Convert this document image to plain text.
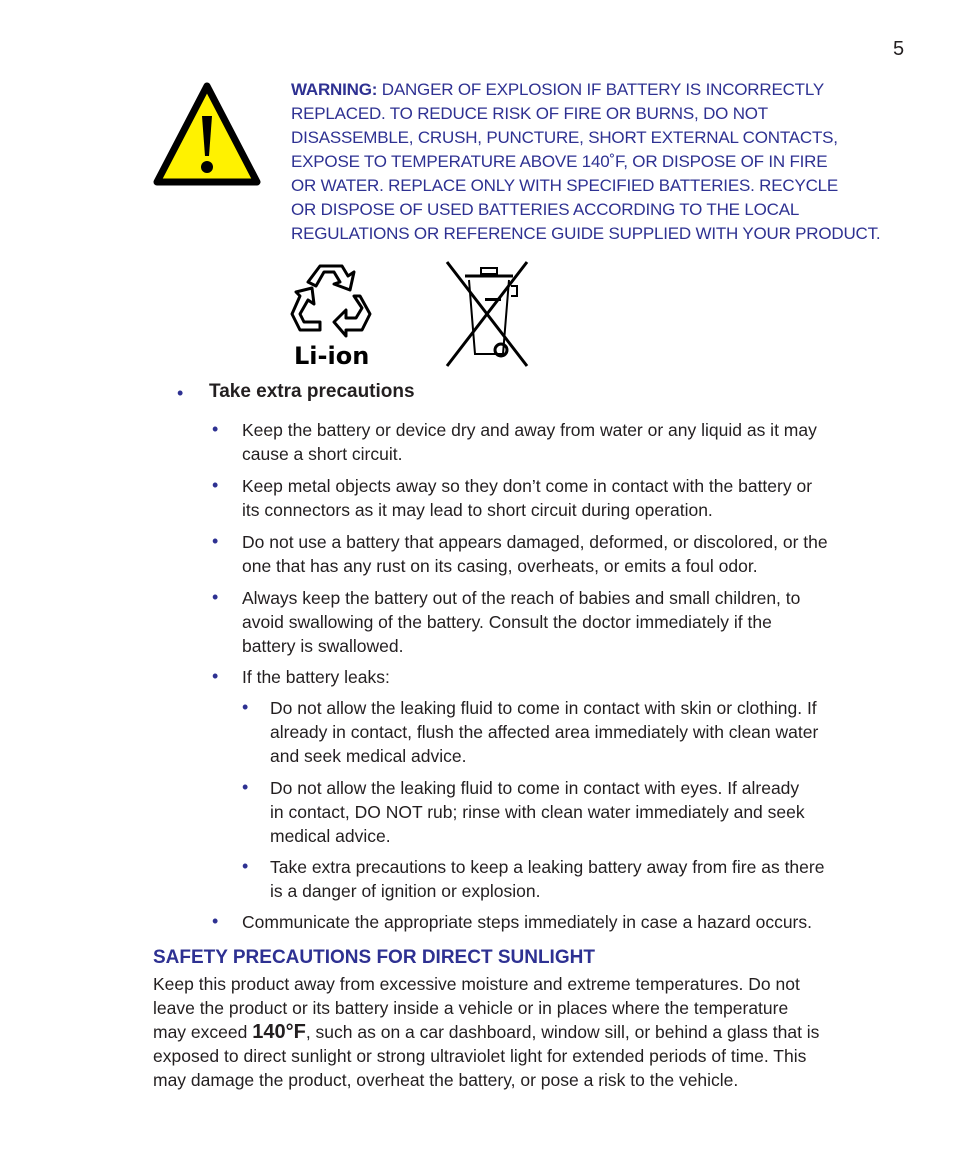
5
WARNING: DANGER OF EXPLOSION IF BATTERY IS INCORRECTLY
REPLACED. TO REDUCE RISK OF FIRE OR BURNS, DO NOT
DISASSEMBLE, CRUSH, PUNCTURE, SHORT EXTERNAL CONTACTS,
EXPOSE TO TEMPERATURE ABOVE 140˚F, OR DISPOSE OF IN FIRE
OR WATER. REPLACE ONLY WITH SPECIFIED BATTERIES. RECYCLE
OR DISPOSE OF USED BATTERIES ACCORDING TO THE LOCAL
REGULATIONS OR REFERENCE GUIDE SUPPLIED WITH YOUR PRODUCT.
Li-ion
• Take extra precautions
• Keep the battery or device dry and away from water or any liquid as it may
cause a short circuit.
• Keep metal objects away so they don’t come in contact with the battery or
its connectors as it may lead to short circuit during operation.
• Do not use a battery that appears damaged, deformed, or discolored, or the
one that has any rust on its casing, overheats, or emits a foul odor.
• Always keep the battery out of the reach of babies and small children, to
avoid swallowing of the battery. Consult the doctor immediately if the
battery is swallowed.
• If the battery leaks:
• Do not allow the leaking fluid to come in contact with skin or clothing. If
already in contact, flush the affected area immediately with clean water
and seek medical advice.
• Do not allow the leaking fluid to come in contact with eyes. If already
in contact, DO NOT rub; rinse with clean water immediately and seek
medical advice.
• Take extra precautions to keep a leaking battery away from fire as there
is a danger of ignition or explosion.
• Communicate the appropriate steps immediately in case a hazard occurs.
SAFETY PRECAUTIONS FOR DIRECT SUNLIGHT
Keep this product away from excessive moisture and extreme temperatures. Do not
leave the product or its battery inside a vehicle or in places where the temperature
may exceed 140°F, such as on a car dashboard, window sill, or behind a glass that is
exposed to direct sunlight or strong ultraviolet light for extended periods of time. This
may damage the product, overheat the battery, or pose a risk to the vehicle.
